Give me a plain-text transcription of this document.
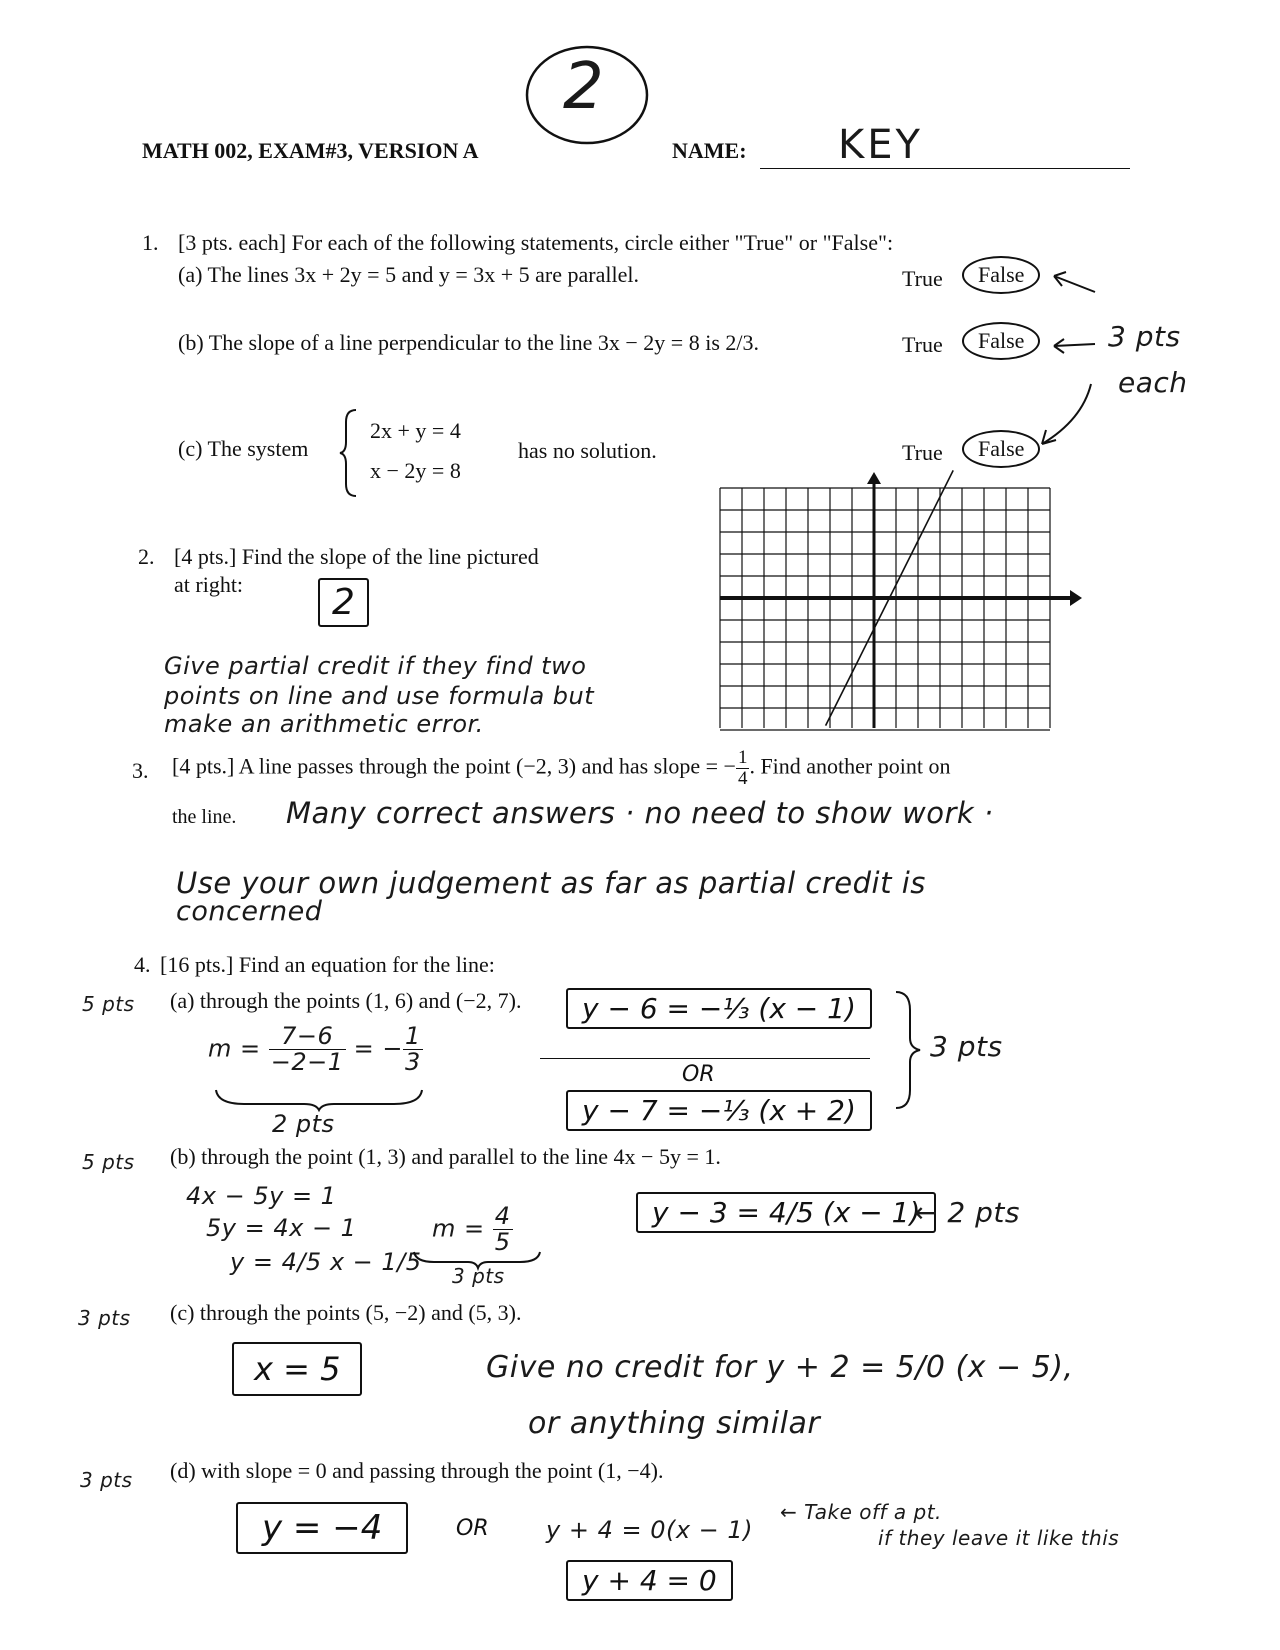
2
MATH 002, EXAM#3, VERSION A	NAME: KEY
1. [3 pts. each] For each of the following statements, circle either "True" or "False":
(a) The lines 3x + 2y = 5 and y = 3x + 5 are parallel.	True	False
(b) The slope of a line perpendicular to the line 3x − 2y = 8 is 2/3.	True	False	3 pts
each
(c) The system
2x + y = 4
x − 2y = 8
has no solution.	True	False
2. [4 pts.] Find the slope of the line pictured
at right:	2
Give partial credit if they find two
points on line and use formula but
make an arithmetic error.
3. [4 pts.] A line passes through the point (−2, 3) and has slope = − $\frac{1}{4}$ . Find another point on
the line. Many correct answers · no need to show work ·
Use your own judgement as far as partial credit is
concerned
4. [16 pts.] Find an equation for the line:
5 pts (a) through the points (1, 6) and (−2, 7).
$m = \frac{7-6}{-2-1}$ = − $\frac{1}{3}$
2 pts
y − 6 = −⅓ (x − 1)
OR
y − 7 = −⅓ (x + 2)
3 pts
5 pts (b) through the point (1, 3) and parallel to the line 4x − 5y = 1.
4x − 5y = 1
5y = 4x − 1
y = 4/5 x − 1/5
$m = \frac{4}{5}$
3 pts
y − 3 = 4/5 (x − 1)
← 2 pts
3 pts (c) through the points (5, −2) and (5, 3).
x = 5	Give no credit for y + 2 = 5/0 (x − 5),
or anything similar
3 pts (d) with slope = 0 and passing through the point (1, −4).
y = −4	OR y + 4 = 0(x − 1)
← Take off a pt.
if they leave it like this
y + 4 = 0
